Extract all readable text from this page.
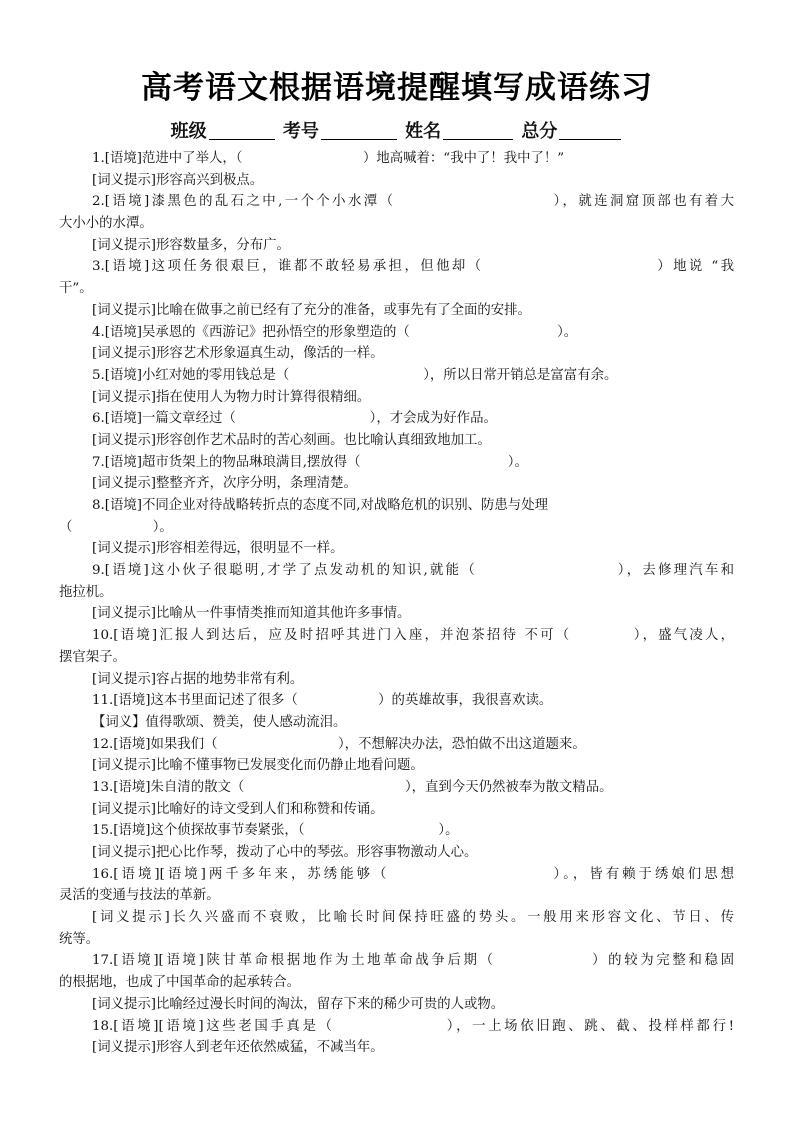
高考语文根据语境提醒填写成语练习
班级	考号	姓名	总分
1.[语境]范进中了举人，（　　　　　　　　　）地高喊着：“我中了！我中了！”
[词义提示]形容高兴到极点。
2.[语境]漆黑色的乱石之中,一个个小水潭（　　　　　　　　　　），就连洞窟顶部也有着大
大小小的水潭。
[词义提示]形容数量多，分布广。
3.[语境]这项任务很艰巨，谁都不敢轻易承担，但他却（　　　　　　　　　　　）地说 “我
干”。
[词义提示]比喻在做事之前已经有了充分的准备，或事先有了全面的安排。
4.[语境]吴承恩的《西游记》把孙悟空的形象塑造的（　　　　　　　　　　　）。
[词义提示]形容艺术形象逼真生动，像活的一样。
5.[语境]小红对她的零用钱总是（　　　　　　　　　　），所以日常开销总是富富有余。
[词义提示]指在使用人为物力时计算得很精细。
6.[语境]一篇文章经过（　　　　　　　　　　），才会成为好作品。
[词义提示]形容创作艺术品时的苦心刻画。也比喻认真细致地加工。
7.[语境]超市货架上的物品琳琅满目,摆放得（　　　　　　　　　　　）。
[词义提示]整整齐齐，次序分明，条理清楚。
8.[语境]不同企业对待战略转折点的态度不同,对战略危机的识别、防患与处理
（　　　　　　）。
[词义提示]形容相差得远，很明显不一样。
9.[语境]这小伙子很聪明,才学了点发动机的知识,就能（　　　　　　　　　），去修理汽车和
拖拉机。
[词义提示]比喻从一件事情类推而知道其他许多事情。
10.[语境]汇报人到达后，应及时招呼其进门入座，并泡茶招待 不可（　　　　），盛气凌人，
摆官架子。
[词义提示]容占据的地势非常有利。
11.[语境]这本书里面记述了很多（　　　　　　）的英雄故事，我很喜欢读。
【词义】值得歌颂、赞美，使人感动流泪。
12.[语境]如果我们（　　　　　　　　　），不想解决办法，恐怕做不出这道题来。
[词义提示]比喻不懂事物已发展变化而仍静止地看问题。
13.[语境]朱自清的散文（　　　　　　　　　　　　），直到今天仍然被奉为散文精品。
[词义提示]比喻好的诗文受到人们和称赞和传诵。
15.[语境]这个侦探故事节奏紧张，（　　　　　　　　　　）。
[词义提示]把心比作琴，拨动了心中的琴弦。形容事物激动人心。
16.[语境][语境]两千多年来，苏绣能够（　　　　　　　　　　）。，皆有赖于绣娘们思想
灵活的变通与技法的革新。
[词义提示]长久兴盛而不衰败，比喻长时间保持旺盛的势头。一般用来形容文化、节日、传
统等。
17.[语境][语境]陕甘革命根据地作为土地革命战争后期（　　　　　　）的较为完整和稳固
的根据地，也成了中国革命的起承转合。
[词义提示]比喻经过漫长时间的淘汰，留存下来的稀少可贵的人或物。
18.[语境][语境]这些老国手真是（　　　　　　　），一上场依旧跑、跳、截、投样样都行!
[词义提示]形容人到老年还依然威猛，不减当年。
